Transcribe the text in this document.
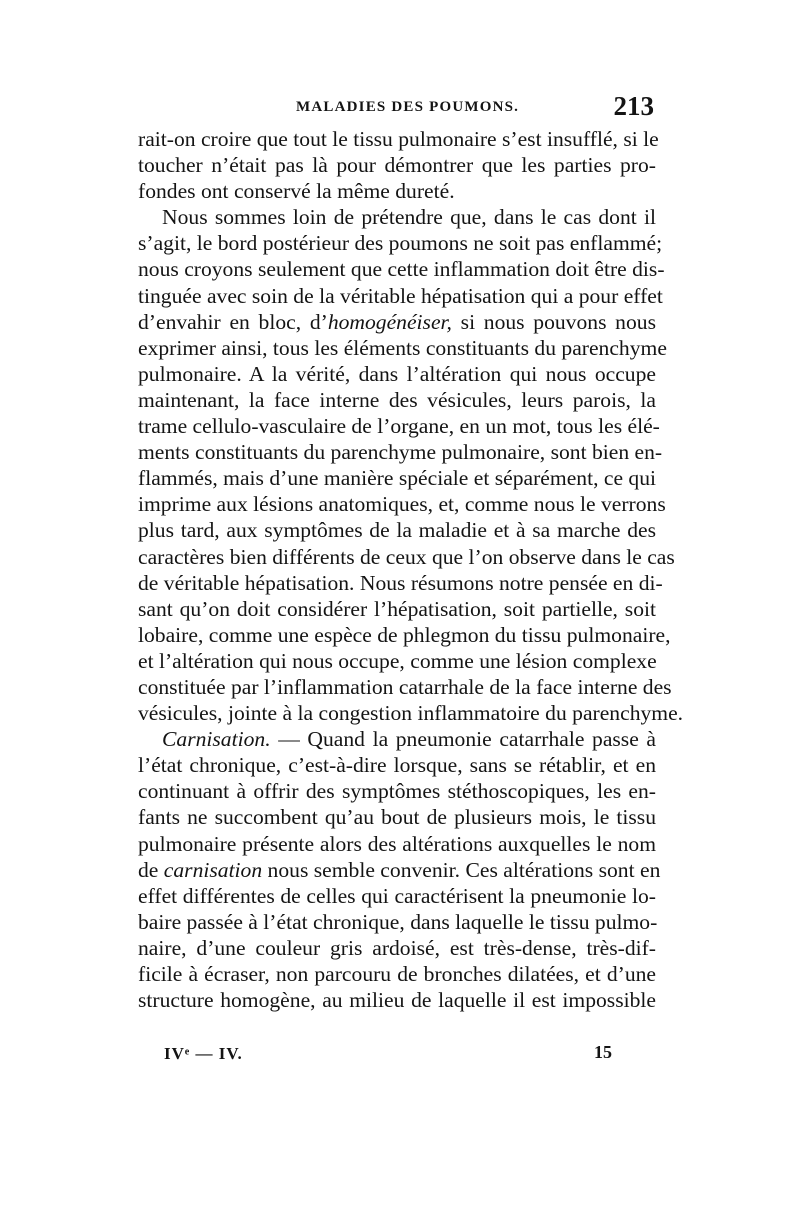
MALADIES DES POUMONS.	213

rait-on croire que tout le tissu pulmonaire s’est insufflé, si le
toucher n’était pas là pour démontrer que les parties pro-
fondes ont conservé la même dureté.

Nous sommes loin de prétendre que, dans le cas dont il
s’agit, le bord postérieur des poumons ne soit pas enflammé;
nous croyons seulement que cette inflammation doit être dis-
tinguée avec soin de la véritable hépatisation qui a pour effet
d’envahir en bloc, d’homogénéiser, si nous pouvons nous
exprimer ainsi, tous les éléments constituants du parenchyme
pulmonaire. A la vérité, dans l’altération qui nous occupe
maintenant, la face interne des vésicules, leurs parois, la
trame cellulo-vasculaire de l’organe, en un mot, tous les élé-
ments constituants du parenchyme pulmonaire, sont bien en-
flammés, mais d’une manière spéciale et séparément, ce qui
imprime aux lésions anatomiques, et, comme nous le verrons
plus tard, aux symptômes de la maladie et à sa marche des
caractères bien différents de ceux que l’on observe dans le cas
de véritable hépatisation. Nous résumons notre pensée en di-
sant qu’on doit considérer l’hépatisation, soit partielle, soit
lobaire, comme une espèce de phlegmon du tissu pulmonaire,
et l’altération qui nous occupe, comme une lésion complexe
constituée par l’inflammation catarrhale de la face interne des
vésicules, jointe à la congestion inflammatoire du parenchyme.

Carnisation. — Quand la pneumonie catarrhale passe à
l’état chronique, c’est-à-dire lorsque, sans se rétablir, et en
continuant à offrir des symptômes stéthoscopiques, les en-
fants ne succombent qu’au bout de plusieurs mois, le tissu
pulmonaire présente alors des altérations auxquelles le nom
de carnisation nous semble convenir. Ces altérations sont en
effet différentes de celles qui caractérisent la pneumonie lo-
baire passée à l’état chronique, dans laquelle le tissu pulmo-
naire, d’une couleur gris ardoisé, est très-dense, très-dif-
ficile à écraser, non parcouru de bronches dilatées, et d’une
structure homogène, au milieu de laquelle il est impossible

IVᵉ — IV.	15
